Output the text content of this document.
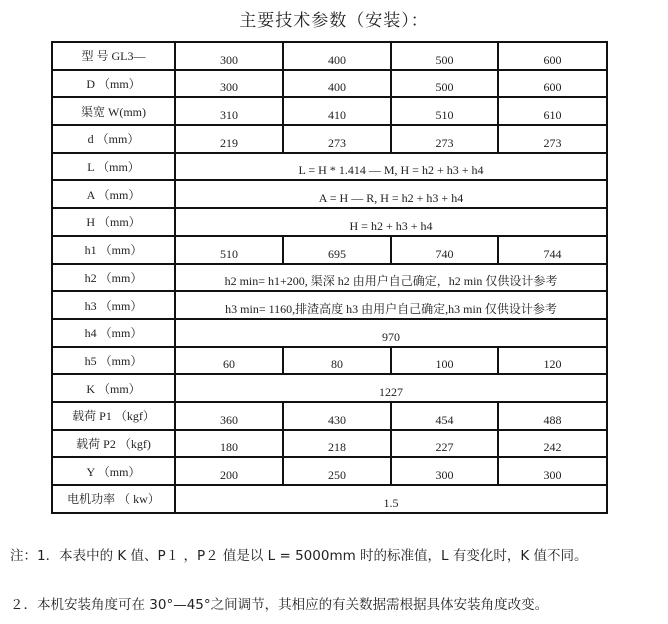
主要技术参数（安装）：
型 号 GL3—	300	400	500	600
D （mm）	300	400	500	600
渠宽 W(mm)	310	410	510	610
d （mm）	219	273	273	273
L （mm）	L = H * 1.414 — M, H = h2 + h3 + h4			
A （mm）	A = H — R, H = h2 + h3 + h4			
H （mm）	H = h2 + h3 + h4			
h1 （mm）	510	695	740	744
h2 （mm）	h2 min= h1+200, 渠深 h2 由用户自己确定，h2 min 仅供设计参考			
h3 （mm）	h3 min= 1160,排渣高度 h3 由用户自己确定,h3 min 仅供设计参考			
h4 （mm）	970			
h5 （mm）	60	80	100	120
K （mm）	1227			
载荷 P1 （kgf）	360	430	454	488
载荷 P2 （kgf)	180	218	227	242
Y （mm）	200	250	300	300
电机功率 （ kw）	1.5			
注：1．本表中的 K 值、P１ ，P２ 值是以 L = 5000mm 时的标准值，L 有变化时，K 值不同。
２．本机安装角度可在 30°—45°之间调节，其相应的有关数据需根据具体安装角度改变。
